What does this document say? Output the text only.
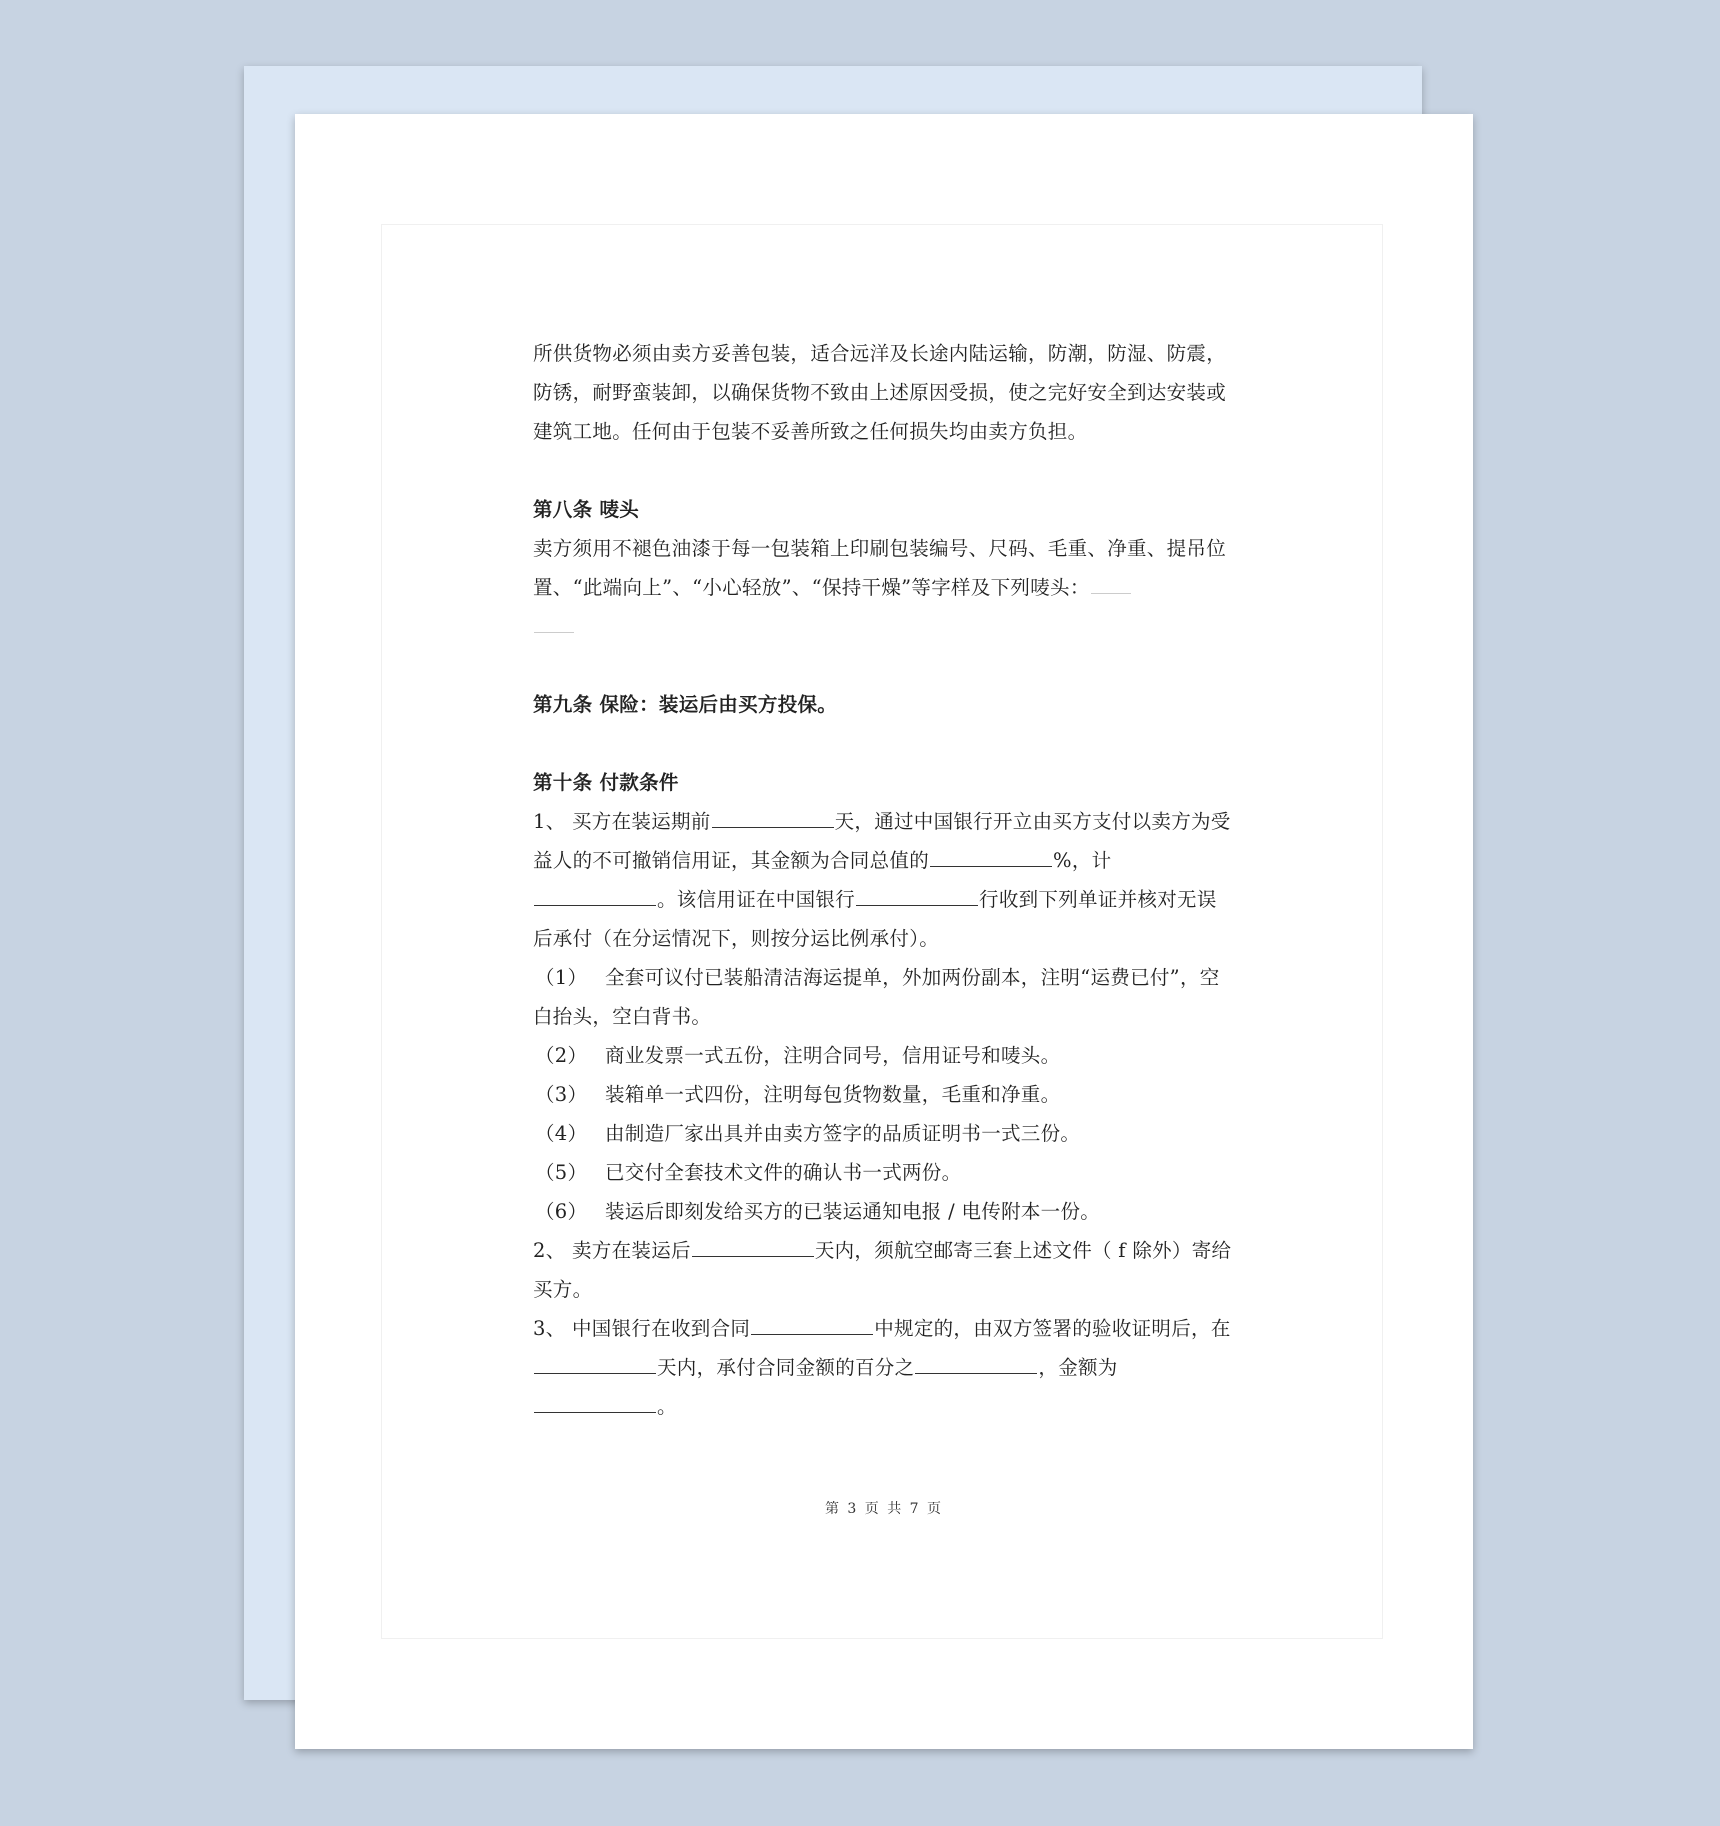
所供货物必须由卖方妥善包装，适合远洋及长途内陆运输，防潮，防湿、防震，防锈，耐野蛮装卸，以确保货物不致由上述原因受损，使之完好安全到达安装或建筑工地。任何由于包装不妥善所致之任何损失均由卖方负担。

第八条 唛头

卖方须用不褪色油漆于每一包装箱上印刷包装编号、尺码、毛重、净重、提吊位置、“此端向上”、“小心轻放”、“保持干燥”等字样及下列唛头：

第九条 保险：装运后由买方投保。

第十条 付款条件

1、 买方在装运期前	天，通过中国银行开立由买方支付以卖方为受益人的不可撤销信用证，其金额为合同总值的	%，计
。该信用证在中国银行	行收到下列单证并核对无误后承付（在分运情况下，则按分运比例承付）。

（1） 全套可议付已装船清洁海运提单，外加两份副本，注明“运费已付”，空白抬头，空白背书。

（2） 商业发票一式五份，注明合同号，信用证号和唛头。

（3） 装箱单一式四份，注明每包货物数量，毛重和净重。

（4） 由制造厂家出具并由卖方签字的品质证明书一式三份。

（5） 已交付全套技术文件的确认书一式两份。

（6） 装运后即刻发给买方的已装运通知电报 / 电传附本一份。

2、 卖方在装运后	天内，须航空邮寄三套上述文件（ f 除外）寄给买方。

3、 中国银行在收到合同	中规定的，由双方签署的验收证明后，在天内，承付合同金额的百分之	，金额为
。

第 3 页 共 7 页
